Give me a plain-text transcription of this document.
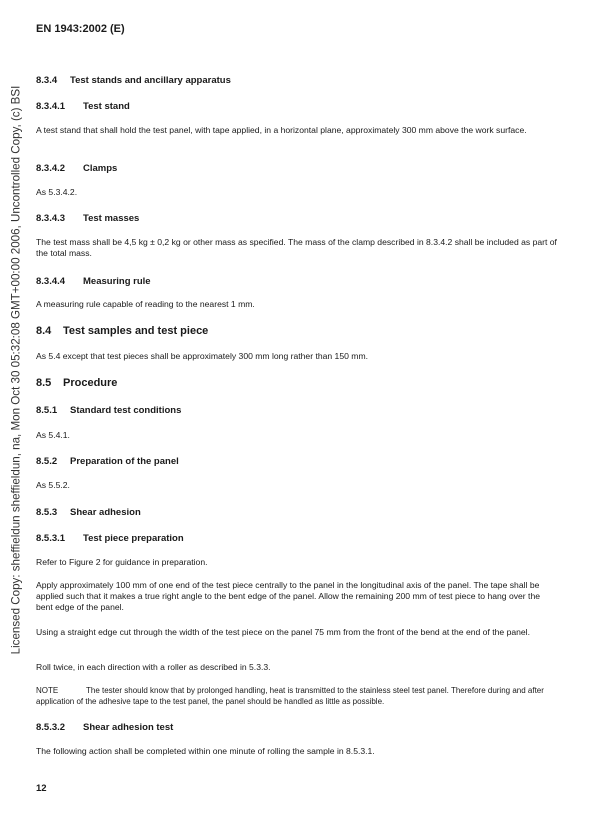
Licensed Copy: sheffieldun sheffieldun, na, Mon Oct 30 05:32:08 GMT+00:00 2006, Uncontrolled Copy, (c) BSI
EN 1943:2002 (E)
8.3.4 Test stands and ancillary apparatus
8.3.4.1 Test stand
A test stand that shall hold the test panel, with tape applied, in a horizontal plane, approximately 300 mm above the work surface.
8.3.4.2 Clamps
As 5.3.4.2.
8.3.4.3 Test masses
The test mass shall be 4,5 kg ± 0,2 kg or other mass as specified. The mass of the clamp described in 8.3.4.2 shall be included as part of the total mass.
8.3.4.4 Measuring rule
A measuring rule capable of reading to the nearest 1 mm.
8.4 Test samples and test piece
As 5.4 except that test pieces shall be approximately 300 mm long rather than 150 mm.
8.5 Procedure
8.5.1 Standard test conditions
As 5.4.1.
8.5.2 Preparation of the panel
As 5.5.2.
8.5.3 Shear adhesion
8.5.3.1 Test piece preparation
Refer to Figure 2 for guidance in preparation.
Apply approximately 100 mm of one end of the test piece centrally to the panel in the longitudinal axis of the panel. The tape shall be applied such that it makes a true right angle to the bent edge of the panel. Allow the remaining 200 mm of test piece to hang over the bent edge of the panel.
Using a straight edge cut through the width of the test piece on the panel 75 mm from the front of the bend at the end of the panel.
Roll twice, in each direction with a roller as described in 5.3.3.
NOTE	The tester should know that by prolonged handling, heat is transmitted to the stainless steel test panel. Therefore during and after application of the adhesive tape to the test panel, the panel should be handled as little as possible.
8.5.3.2 Shear adhesion test
The following action shall be completed within one minute of rolling the sample in 8.5.3.1.
12
